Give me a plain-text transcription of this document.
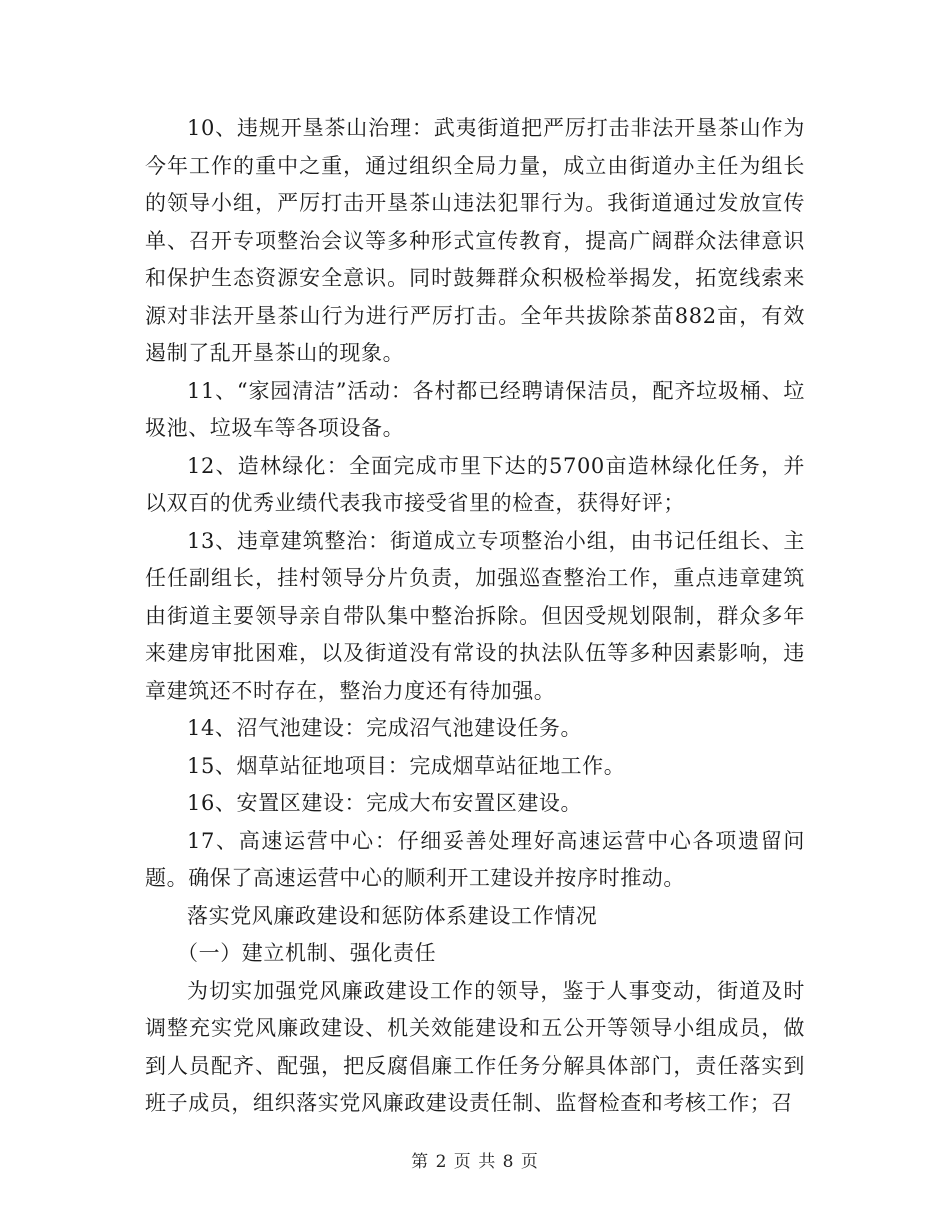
10、违规开垦茶山治理：武夷街道把严厉打击非法开垦茶山作为今年工作的重中之重，通过组织全局力量，成立由街道办主任为组长的领导小组，严厉打击开垦茶山违法犯罪行为。我街道通过发放宣传单、召开专项整治会议等多种形式宣传教育，提高广阔群众法律意识和保护生态资源安全意识。同时鼓舞群众积极检举揭发，拓宽线索来源对非法开垦茶山行为进行严厉打击。全年共拔除茶苗882亩，有效遏制了乱开垦茶山的现象。

11、“家园清洁”活动：各村都已经聘请保洁员，配齐垃圾桶、垃圾池、垃圾车等各项设备。

12、造林绿化：全面完成市里下达的5700亩造林绿化任务，并以双百的优秀业绩代表我市接受省里的检查，获得好评；

13、违章建筑整治：街道成立专项整治小组，由书记任组长、主任任副组长，挂村领导分片负责，加强巡查整治工作，重点违章建筑由街道主要领导亲自带队集中整治拆除。但因受规划限制，群众多年来建房审批困难，以及街道没有常设的执法队伍等多种因素影响，违章建筑还不时存在，整治力度还有待加强。

14、沼气池建设：完成沼气池建设任务。

15、烟草站征地项目：完成烟草站征地工作。

16、安置区建设：完成大布安置区建设。

17、高速运营中心：仔细妥善处理好高速运营中心各项遗留问题。确保了高速运营中心的顺利开工建设并按序时推动。

落实党风廉政建设和惩防体系建设工作情况

（一）建立机制、强化责任

为切实加强党风廉政建设工作的领导，鉴于人事变动，街道及时调整充实党风廉政建设、机关效能建设和五公开等领导小组成员，做到人员配齐、配强，把反腐倡廉工作任务分解具体部门，责任落实到班子成员，组织落实党风廉政建设责任制、监督检查和考核工作；召

第 2 页 共 8 页
